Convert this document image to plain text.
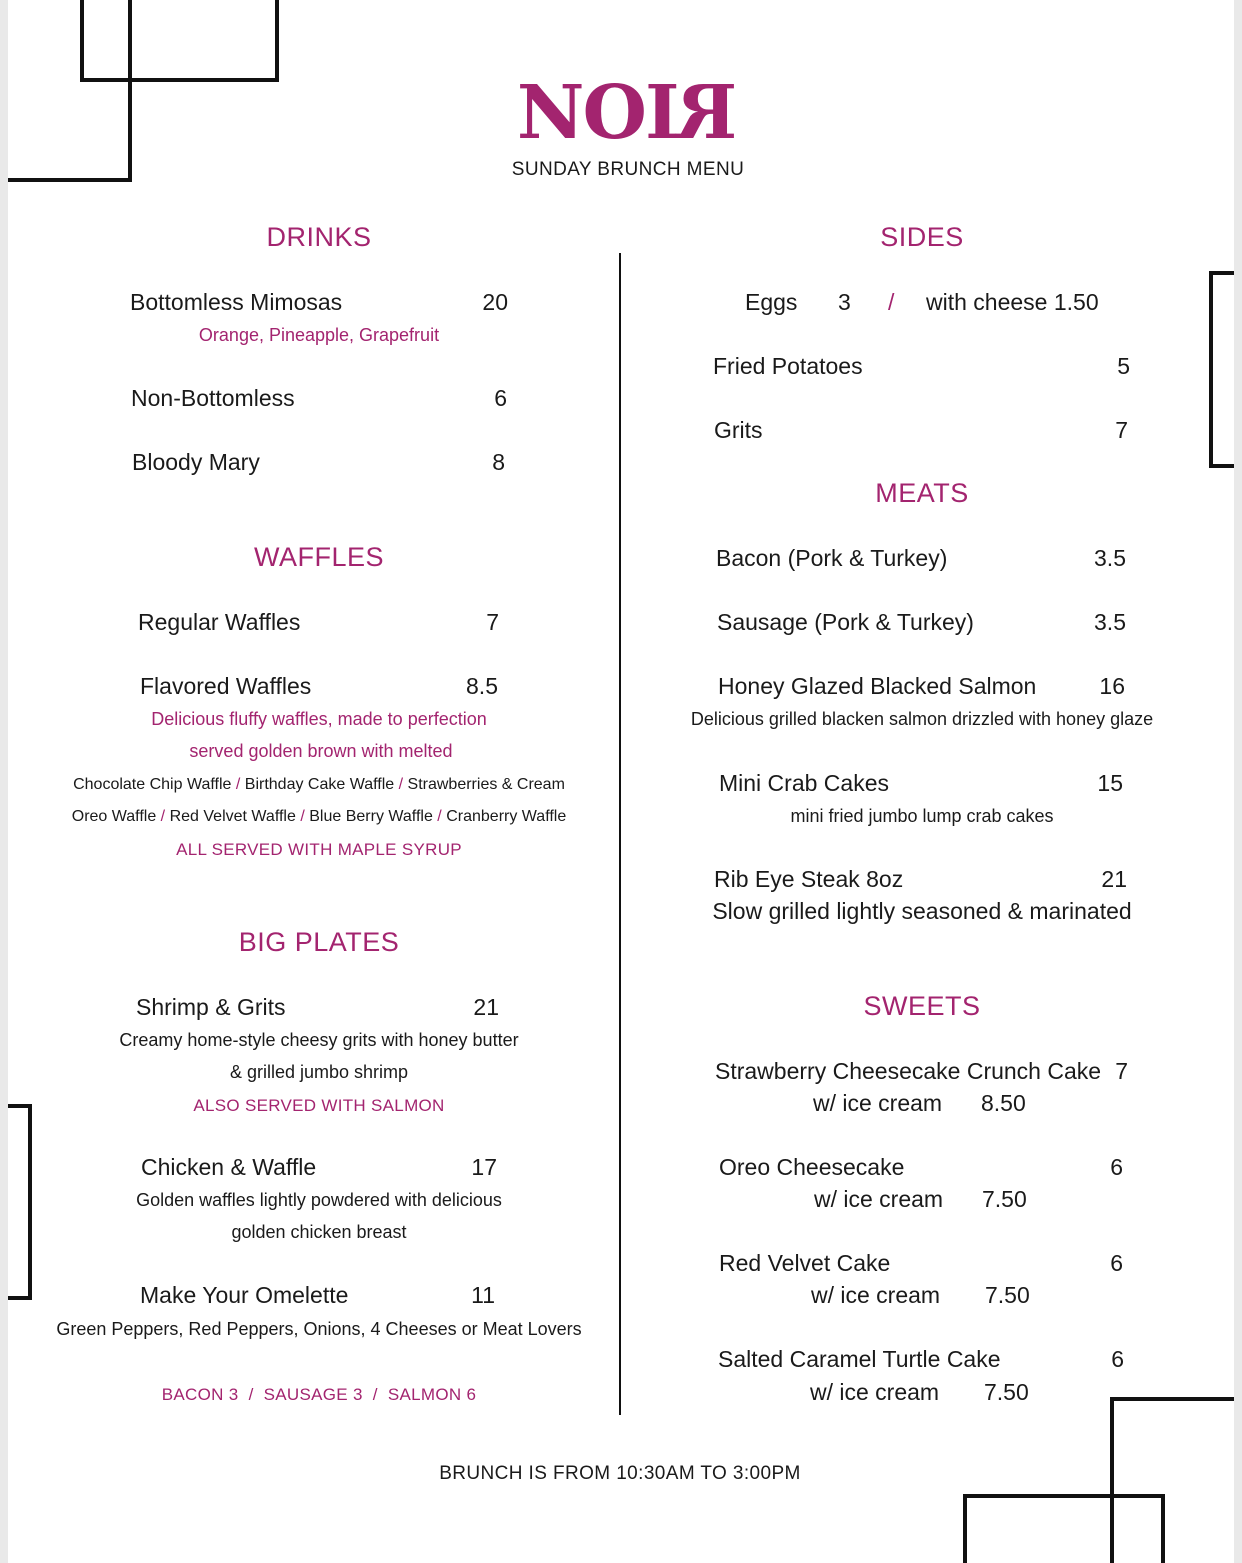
NOIR
SUNDAY BRUNCH MENU
DRINKS
Bottomless Mimosas	20
Orange, Pineapple, Grapefruit
Non-Bottomless	6
Bloody Mary	8
WAFFLES
Regular Waffles	7
Flavored Waffles	8.5
Delicious fluffy waffles, made to perfection
served golden brown with melted
Chocolate Chip Waffle / Birthday Cake Waffle / Strawberries & Cream
Oreo Waffle / Red Velvet Waffle / Blue Berry Waffle / Cranberry Waffle
ALL SERVED WITH MAPLE SYRUP
BIG PLATES
Shrimp & Grits	21
Creamy home-style cheesy grits with honey butter
& grilled jumbo shrimp
ALSO SERVED WITH SALMON
Chicken & Waffle	17
Golden waffles lightly powdered with delicious
golden chicken breast
Make Your Omelette	11
Green Peppers, Red Peppers, Onions, 4 Cheeses or Meat Lovers
BACON 3 / SAUSAGE 3 / SALMON 6
SIDES
Eggs 3 / with cheese 1.50
Fried Potatoes	5
Grits	7
MEATS
Bacon (Pork & Turkey)	3.5
Sausage (Pork & Turkey)	3.5
Honey Glazed Blacked Salmon	16
Delicious grilled blacken salmon drizzled with honey glaze
Mini Crab Cakes	15
mini fried jumbo lump crab cakes
Rib Eye Steak 8oz	21
Slow grilled lightly seasoned & marinated
SWEETS
Strawberry Cheesecake Crunch Cake 7
w/ ice cream 8.50
Oreo Cheesecake	6
w/ ice cream 7.50
Red Velvet Cake	6
w/ ice cream 7.50
Salted Caramel Turtle Cake	6
w/ ice cream 7.50
BRUNCH IS FROM 10:30AM TO 3:00PM
